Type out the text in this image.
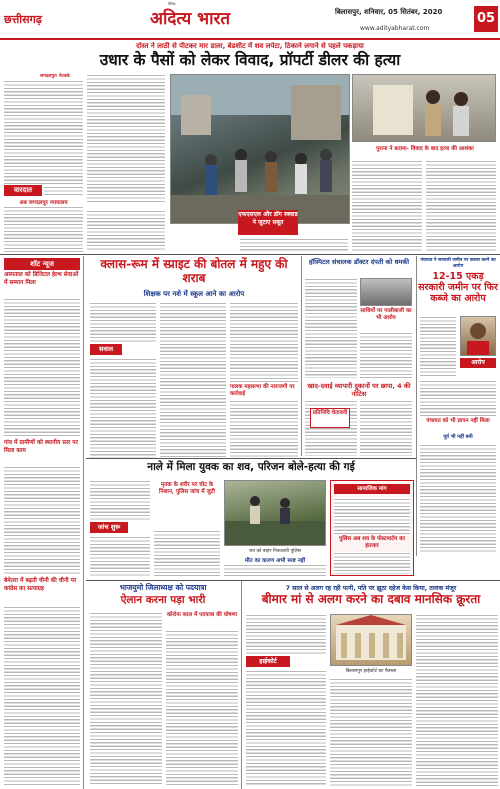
छत्तीसगढ़
दैनिक
अदित्य भारत	बिलासपुर, शनिवार, 05 सितंबर, 2020
www.adityabharat.com
05
दोस्त ने लाठी से पीटकर मार डाला, बेडशीट में शव लपेटा, ठिकाने लगाने से पहले पकड़ाया
उधार के पैसों को लेकर विवाद, प्रॉपर्टी डीलर की हत्या
जगदलपुर। नेटवर्क
वारदात
अब जगदलपुर न्यायालय
एफएसएल और डॉग स्क्वाड ने जुटाए सबूत
पुराना ने बताया- विवाद के बाद हत्या की आशंका
शॉट न्यूज
अस्पताल को डिजिटल हेल्थ सेवाओं में सम्मान मिला
गांव में ग्रामीणों को स्थानीय स्तर पर मिला काम
बेमेतरा में बढ़ती चीनी की चीनी पर कांग्रेस का सत्याग्रह
क्लास-रूम में स्प्राइट की बोतल में महुए की शराब
शिक्षक पर नशे में स्कूल आने का आरोप
सवाल
पालक महासभा की नाराजगी पर कार्रवाई
हॉस्पिटल संचालक डॉक्टर दंपती को धमकी
साथियों पर गालीबाजी का भी आरोप
खाद-दवाई व्यापारी दुकानों पर छापा, 4 की नोटिस
प्रतिनिधि चेतावनी
पंचायत ने सरकारी जमीन पर कब्जा करने का आरोप
12-15 एकड़ सरकारी जमीन पर फिर कब्जे का आरोप
आरोप
पंचायत को भी ज्ञापन नहीं मिला
पूर्व भी नहीं बनी
नाले में मिला युवक का शव, परिजन बोले-हत्या की गई
जांच शुरू
मृतक के शरीर पर चोट के निशान, पुलिस जांच में जुटी
शव को बाहर निकालती पुलिस
मौत का कारण अभी स्पष्ट नहीं
सामाजिक मांग
पुलिस अब शव के पोस्टमार्टम का इंतजार
भाजयुमो जिलाध्यक्ष को पदयात्रा
ऐलान करना पड़ा भारी
कोरोना काल में पदयात्रा की घोषणा
7 साल से अलग रह रही पत्नी, पति पर झूठा दहेज केस किया, तलाक मंजूर
बीमार मां से अलग करने का दबाव मानसिक क्रूरता
हाईकोर्ट
बिलासपुर हाईकोर्ट का फैसला
